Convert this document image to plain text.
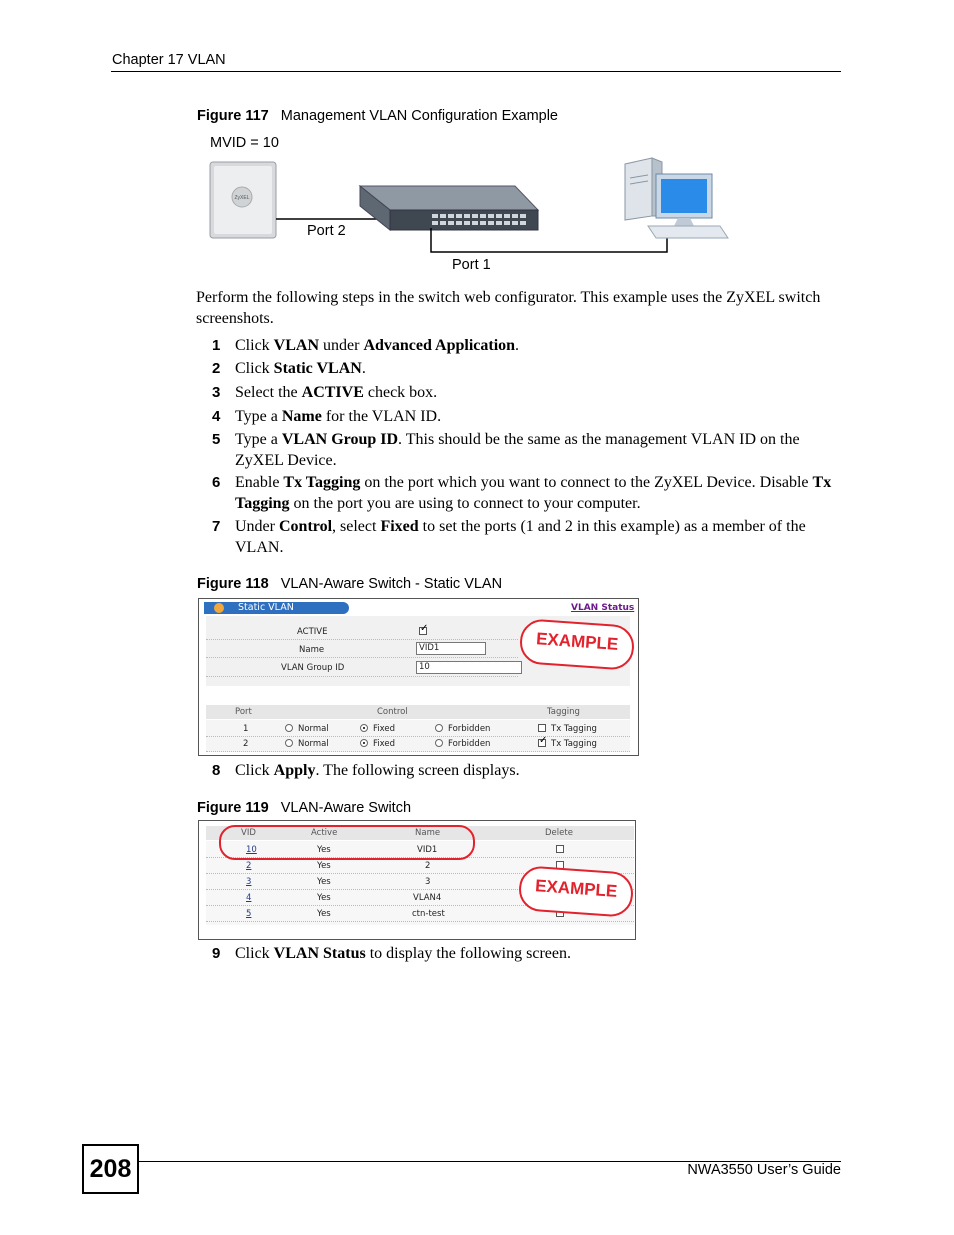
Chapter 17 VLAN
Figure 117 Management VLAN Configuration Example
MVID = 10
ZyXEL
Port 2
Port 1
Perform the following steps in the switch web configurator. This example uses the ZyXEL switch screenshots.
1 Click VLAN under Advanced Application.
2 Click Static VLAN.
3 Select the ACTIVE check box.
4 Type a Name for the VLAN ID.
5 Type a VLAN Group ID. This should be the same as the management VLAN ID on the ZyXEL Device.
6 Enable Tx Tagging on the port which you want to connect to the ZyXEL Device. Disable Tx Tagging on the port you are using to connect to your computer.
7 Under Control, select Fixed to set the ports (1 and 2 in this example) as a member of the VLAN.
Figure 118 VLAN-Aware Switch - Static VLAN
Static VLAN	VLAN Status
ACTIVE	✓
Name	VID1
VLAN Group ID	10
EXAMPLE
Port	Control	Tagging
1	Normal	Fixed	Forbidden	Tx Tagging
2	Normal	Fixed	Forbidden	✓ Tx Tagging
8 Click Apply. The following screen displays.
Figure 119 VLAN-Aware Switch
VID	Active	Name	Delete
10	Yes	VID1
2	Yes	2
3	Yes	3
4	Yes	VLAN4
5	Yes	ctn-test
EXAMPLE
9 Click VLAN Status to display the following screen.
208	NWA3550 User’s Guide
